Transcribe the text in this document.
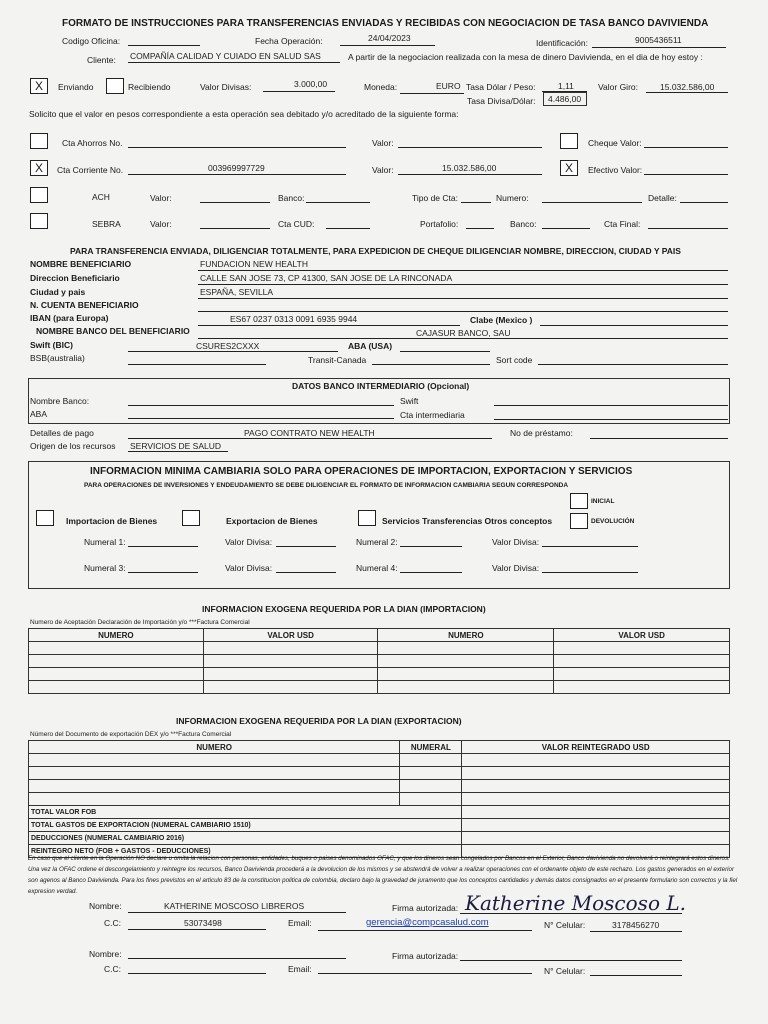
FORMATO DE INSTRUCCIONES PARA TRANSFERENCIAS ENVIADAS Y RECIBIDAS CON NEGOCIACION DE TASA BANCO DAVIVIENDA
Codigo Oficina:	Fecha Operación:	24/04/2023	Identificación:	9005436511
Cliente: COMPAÑÍA CALIDAD Y CUIADO EN SALUD SAS	A partir de la negociacion realizada con la mesa de dinero Davivienda, en el dia de hoy estoy :
X
Enviando	Recibiendo	Valor Divisas:	3.000,00	Moneda:	EURO Tasa Dólar / Peso:	1,11	Valor Giro:	15.032.586,00
Tasa Divisa/Dólar: 4.486,00
Solicito que el valor en pesos correspondiente a esta operación sea debitado y/o acreditado de la siguiente forma:
Cta Ahorros No.	Valor:	Cheque Valor:
X
Cta Corriente No.	003969997729	Valor:	15.032.586,00 X	Efectivo Valor:
ACH	Valor:	Banco:	Tipo de Cta:	Numero:	Detalle:
SEBRA	Valor:	Cta CUD:	Portafolio:	Banco:	Cta Final:
PARA TRANSFERENCIA ENVIADA, DILIGENCIAR TOTALMENTE, PARA EXPEDICION DE CHEQUE DILIGENCIAR NOMBRE, DIRECCION, CIUDAD Y PAIS
NOMBRE BENEFICIARIO	FUNDACION NEW HEALTH
Direccion Beneficiario	CALLE SAN JOSE 73, CP 41300, SAN JOSE DE LA RINCONADA
Ciudad y pais	ESPAÑA, SEVILLA
N. CUENTA BENEFICIARIO
IBAN (para Europa)	ES67 0237 0313 0091 6935 9944	Clabe (Mexico )
NOMBRE BANCO DEL BENEFICIARIO	CAJASUR BANCO, SAU
Swift (BIC)	CSURES2CXXX	ABA (USA)
BSB(australia)	Transit-Canada	Sort code
DATOS BANCO INTERMEDIARIO (Opcional)
Nombre Banco:	Swift
ABA	Cta intermediaria
Detalles de pago	PAGO CONTRATO NEW HEALTH	No de préstamo:
Origen de los recursos SERVICIOS DE SALUD
INFORMACION MINIMA CAMBIARIA SOLO PARA OPERACIONES DE IMPORTACION, EXPORTACION Y SERVICIOS
PARA OPERACIONES DE INVERSIONES Y ENDEUDAMIENTO SE DEBE DILIGENCIAR EL FORMATO DE INFORMACION CAMBIARIA SEGUN CORRESPONDA
INICIAL
DEVOLUCIÓN
Importacion de Bienes	Exportacion de Bienes	Servicios Transferencias Otros conceptos
Numeral 1:	Valor Divisa:	Numeral 2:	Valor Divisa:
Numeral 3:	Valor Divisa:	Numeral 4:	Valor Divisa:
INFORMACION EXOGENA REQUERIDA POR LA DIAN (IMPORTACION)
Numero de Aceptación Declaración de Importación y/o ***Factura Comercial
NUMERO	VALOR USD	NUMERO	VALOR USD

INFORMACION EXOGENA REQUERIDA POR LA DIAN (EXPORTACION)
Número del Documento de exportación DEX y/o ***Factura Comercial
NUMERO	NUMERAL	VALOR REINTEGRADO USD

TOTAL VALOR FOB		
TOTAL GASTOS DE EXPORTACION (NUMERAL CAMBIARIO 1510)		
DEDUCCIONES (NUMERAL CAMBIARIO 2016)		
REINTEGRO NETO (FOB + GASTOS - DEDUCCIONES)		
En caso que el cliente en la Operación NO declare u omita la relacion con personas, entidades, buques o paises denominados OFAC, y que los dineros sean congelados por Bancos en el Exterior, Banco davivienda no devolverá o reintegrará estos dineros. Una vez la OFAC ordene el descongelamiento y reintegre los recursos, Banco Davivienda procederá a la devolucion de los mismos y se abstendrá de volver a realizar operaciones con el ordenante objeto de este rechazo. Los gastos generados en el exterior son agenos al Banco Davivienda. Para los fines previstos en el articulo 83 de la constitucion politica de colombia, declaro bajo la gravedad de juramento que los conceptos cantidades y demás datos consignados en el presente formulario son correctos y la fiel expresion verdad.
Nombre:	KATHERINE MOSCOSO LIBREROS	Firma autorizada: Katherine Moscoso L.
C.C:	53073498	Email:	gerencia@compcasalud.com	N° Celular:	3178456270
Nombre:	Firma autorizada:
C.C:	Email:	N° Celular:
